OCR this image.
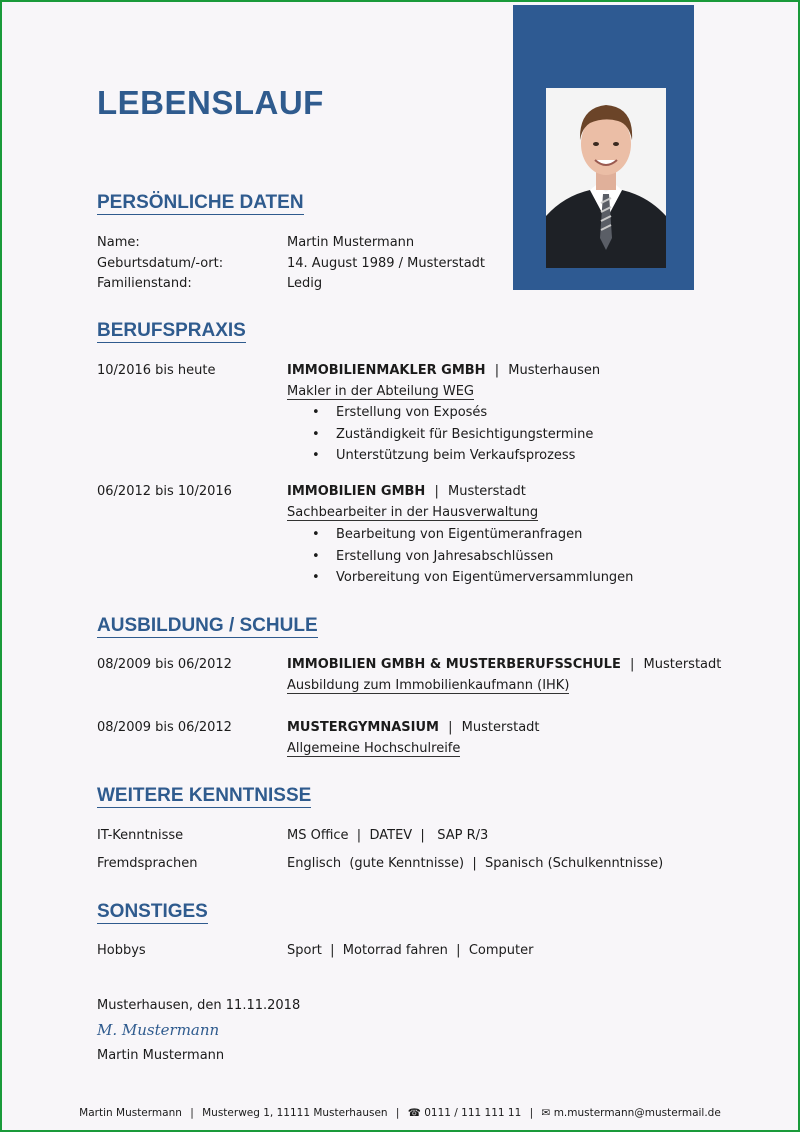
LEBENSLAUF
PERSÖNLICHE DATEN
Name:	Martin Mustermann
Geburtsdatum/-ort:	14. August 1989 / Musterstadt
Familienstand:	Ledig
BERUFSPRAXIS
10/2016 bis heute	IMMOBILIENMAKLER GMBH | Musterhausen
Makler in der Abteilung WEG
• Erstellung von Exposés
• Zuständigkeit für Besichtigungstermine
• Unterstützung beim Verkaufsprozess
06/2012 bis 10/2016	IMMOBILIEN GMBH | Musterstadt
Sachbearbeiter in der Hausverwaltung
• Bearbeitung von Eigentümeranfragen
• Erstellung von Jahresabschlüssen
• Vorbereitung von Eigentümerversammlungen
AUSBILDUNG / SCHULE
08/2009 bis 06/2012	IMMOBILIEN GMBH & MUSTERBERUFSSCHULE | Musterstadt
Ausbildung zum Immobilienkaufmann (IHK)
08/2009 bis 06/2012	MUSTERGYMNASIUM | Musterstadt
Allgemeine Hochschulreife
WEITERE KENNTNISSE
IT-Kenntnisse	MS Office  |  DATEV  |   SAP R/3
Fremdsprachen	Englisch  (gute Kenntnisse)  |  Spanisch (Schulkenntnisse)
SONSTIGES
Hobbys	Sport  |  Motorrad fahren  |  Computer
Musterhausen, den 11.11.2018
M. Mustermann
Martin Mustermann
Martin Mustermann | Musterweg 1, 11111 Musterhausen | ☎ 0111 / 111 111 11 | ✉ m.mustermann@mustermail.de
